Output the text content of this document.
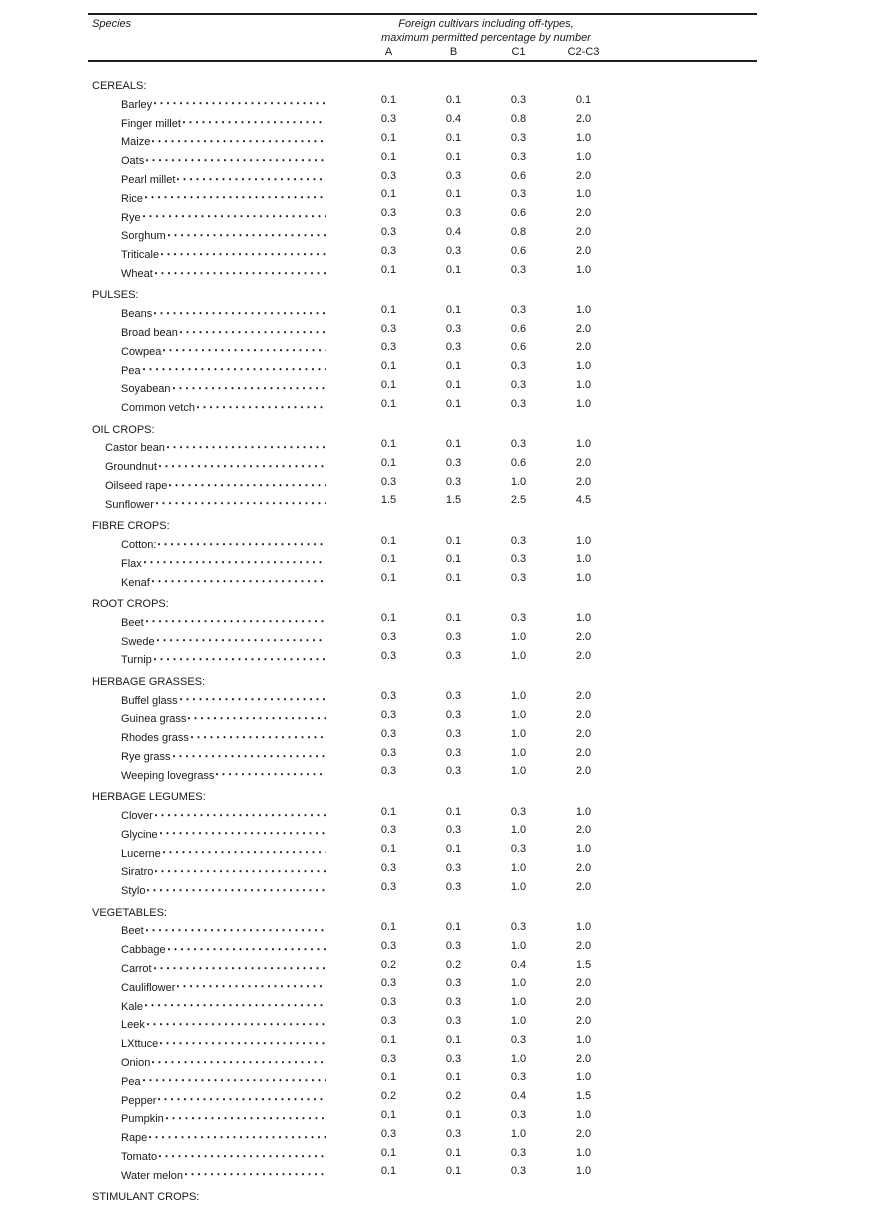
Species	Foreign cultivars including off-types,
maximum permitted percentage by number
A	B	C1	C2-C3
CEREALS:
Barley	0.1	0.1	0.3	0.1
Finger millet	0.3	0.4	0.8	2.0
Maize	0.1	0.1	0.3	1.0
Oats	0.1	0.1	0.3	1.0
Pearl millet	0.3	0.3	0.6	2.0
Rice	0.1	0.1	0.3	1.0
Rye	0.3	0.3	0.6	2.0
Sorghum	0.3	0.4	0.8	2.0
Triticale	0.3	0.3	0.6	2.0
Wheat	0.1	0.1	0.3	1.0
PULSES:
Beans	0.1	0.1	0.3	1.0
Broad bean	0.3	0.3	0.6	2.0
Cowpea	0.3	0.3	0.6	2.0
Pea	0.1	0.1	0.3	1.0
Soyabean	0.1	0.1	0.3	1.0
Common vetch	0.1	0.1	0.3	1.0
OIL CROPS:
Castor bean	0.1	0.1	0.3	1.0
Groundnut	0.1	0.3	0.6	2.0
Oilseed rape	0.3	0.3	1.0	2.0
Sunflower	1.5	1.5	2.5	4.5
FIBRE CROPS:
Cotton:	0.1	0.1	0.3	1.0
Flax	0.1	0.1	0.3	1.0
Kenaf	0.1	0.1	0.3	1.0
ROOT CROPS:
Beet	0.1	0.1	0.3	1.0
Swede	0.3	0.3	1.0	2.0
Turnip	0.3	0.3	1.0	2.0
HERBAGE GRASSES:
Buffel glass	0.3	0.3	1.0	2.0
Guinea grass	0.3	0.3	1.0	2.0
Rhodes grass	0.3	0.3	1.0	2.0
Rye grass	0.3	0.3	1.0	2.0
Weeping lovegrass	0.3	0.3	1.0	2.0
HERBAGE LEGUMES:
Clover	0.1	0.1	0.3	1.0
Glycine	0.3	0.3	1.0	2.0
Lucerne	0.1	0.1	0.3	1.0
Siratro	0.3	0.3	1.0	2.0
Stylo	0.3	0.3	1.0	2.0
VEGETABLES:
Beet	0.1	0.1	0.3	1.0
Cabbage	0.3	0.3	1.0	2.0
Carrot	0.2	0.2	0.4	1.5
Cauliflower	0.3	0.3	1.0	2.0
Kale	0.3	0.3	1.0	2.0
Leek	0.3	0.3	1.0	2.0
LXttuce	0.1	0.1	0.3	1.0
Onion	0.3	0.3	1.0	2.0
Pea	0.1	0.1	0.3	1.0
Pepper	0.2	0.2	0.4	1.5
Pumpkin	0.1	0.1	0.3	1.0
Rape	0.3	0.3	1.0	2.0
Tomato	0.1	0.1	0.3	1.0
Water melon	0.1	0.1	0.3	1.0
STIMULANT CROPS:
